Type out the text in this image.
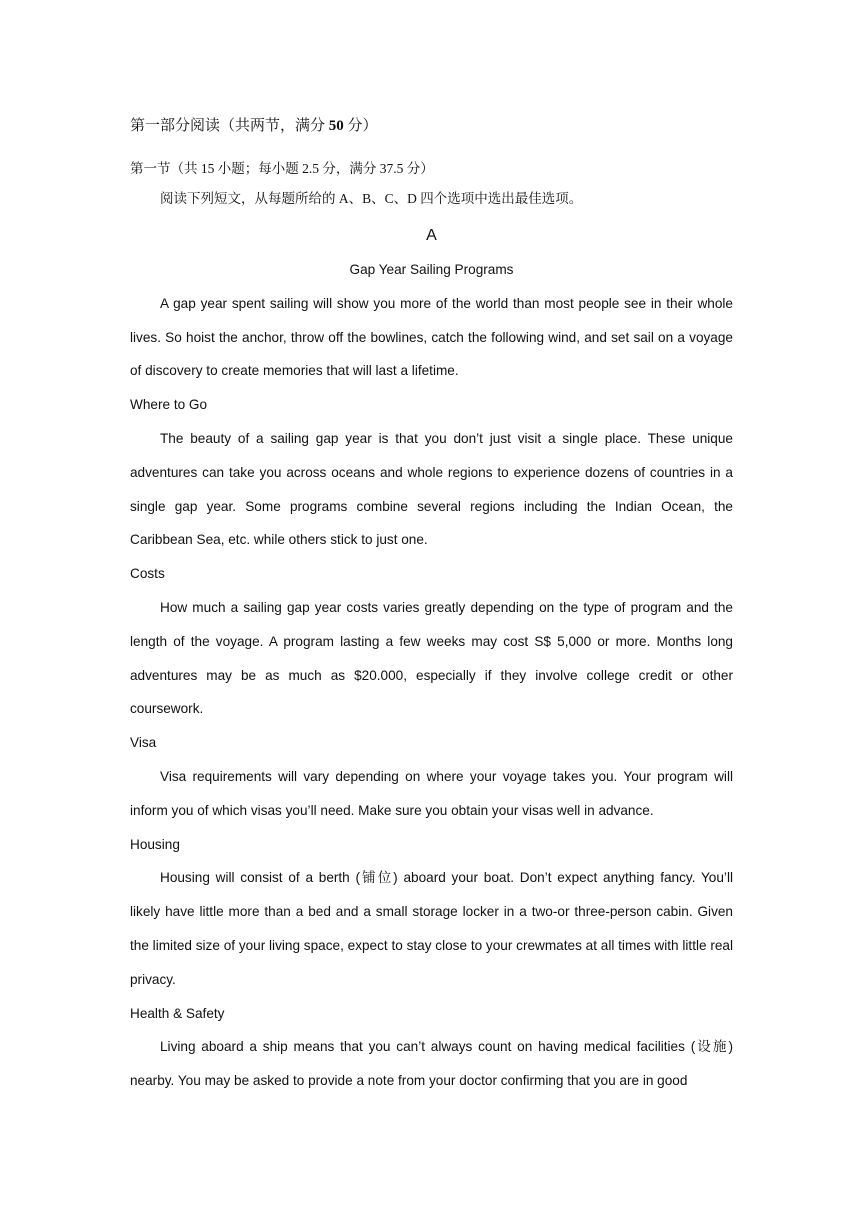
第一部分阅读（共两节，满分 50 分）
第一节（共 15 小题；每小题 2.5 分，满分 37.5 分）
阅读下列短文，从每题所给的 A、B、C、D 四个选项中选出最佳选项。
A

Gap Year Sailing Programs

A gap year spent sailing will show you more of the world than most people see in their whole lives. So hoist the anchor, throw off the bowlines, catch the following wind, and set sail on a voyage of discovery to create memories that will last a lifetime.

Where to Go

The beauty of a sailing gap year is that you don’t just visit a single place. These unique adventures can take you across oceans and whole regions to experience dozens of countries in a single gap year. Some programs combine several regions including the Indian Ocean, the Caribbean Sea, etc. while others stick to just one.

Costs

How much a sailing gap year costs varies greatly depending on the type of program and the length of the voyage. A program lasting a few weeks may cost S$ 5,000 or more. Months long adventures may be as much as $20.000, especially if they involve college credit or other coursework.

Visa

Visa requirements will vary depending on where your voyage takes you. Your program will inform you of which visas you’ll need. Make sure you obtain your visas well in advance.

Housing

Housing will consist of a berth (铺位) aboard your boat. Don’t expect anything fancy. You’ll likely have little more than a bed and a small storage locker in a two-or three-person cabin. Given the limited size of your living space, expect to stay close to your crewmates at all times with little real privacy.

Health & Safety

Living aboard a ship means that you can’t always count on having medical facilities (设施) nearby. You may be asked to provide a note from your doctor confirming that you are in good
